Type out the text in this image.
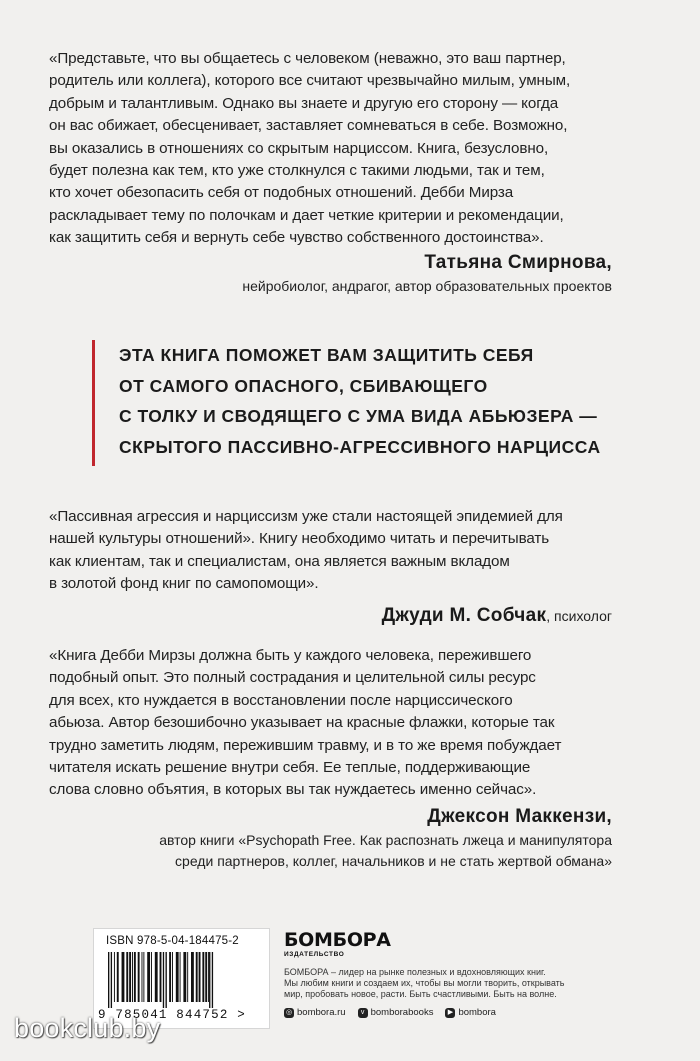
«Представьте, что вы общаетесь с человеком (неважно, это ваш партнер,
родитель или коллега), которого все считают чрезвычайно милым, умным,
добрым и талантливым. Однако вы знаете и другую его сторону — когда
он вас обижает, обесценивает, заставляет сомневаться в себе. Возможно,
вы оказались в отношениях со скрытым нарциссом. Книга, безусловно,
будет полезна как тем, кто уже столкнулся с такими людьми, так и тем,
кто хочет обезопасить себя от подобных отношений. Дебби Мирза
раскладывает тему по полочкам и дает четкие критерии и рекомендации,
как защитить себя и вернуть себе чувство собственного достоинства».
Татьяна Смирнова,
нейробиолог, андрагог, автор образовательных проектов
ЭТА КНИГА ПОМОЖЕТ ВАМ ЗАЩИТИТЬ СЕБЯ
ОТ САМОГО ОПАСНОГО, СБИВАЮЩЕГО
С ТОЛКУ И СВОДЯЩЕГО С УМА ВИДА АБЬЮЗЕРА —
СКРЫТОГО ПАССИВНО-АГРЕССИВНОГО НАРЦИССА
«Пассивная агрессия и нарциссизм уже стали настоящей эпидемией для
нашей культуры отношений». Книгу необходимо читать и перечитывать
как клиентам, так и специалистам, она является важным вкладом
в золотой фонд книг по самопомощи».
Джуди М. Собчак, психолог
«Книга Дебби Мирзы должна быть у каждого человека, пережившего
подобный опыт. Это полный сострадания и целительной силы ресурс
для всех, кто нуждается в восстановлении после нарциссического
абьюза. Автор безошибочно указывает на красные флажки, которые так
трудно заметить людям, пережившим травму, и в то же время побуждает
читателя искать решение внутри себя. Ее теплые, поддерживающие
слова словно объятия, в которых вы так нуждаетесь именно сейчас».
Джексон Маккензи,
автор книги «Psychopath Free. Как распознать лжеца и манипулятора
среди партнеров, коллег, начальников и не стать жертвой обмана»
ISBN 978-5-04-184475-2
9 785041 844752 >
БОМБОРА
ИЗДАТЕЛЬСТВО
БОМБОРА – лидер на рынке полезных и вдохновляющих книг.
Мы любим книги и создаем их, чтобы вы могли творить, открывать
мир, пробовать новое, расти. Быть счастливыми. Быть на волне.
◎ bombora.ru	v bomborabooks	▶ bombora
bookclub.by
